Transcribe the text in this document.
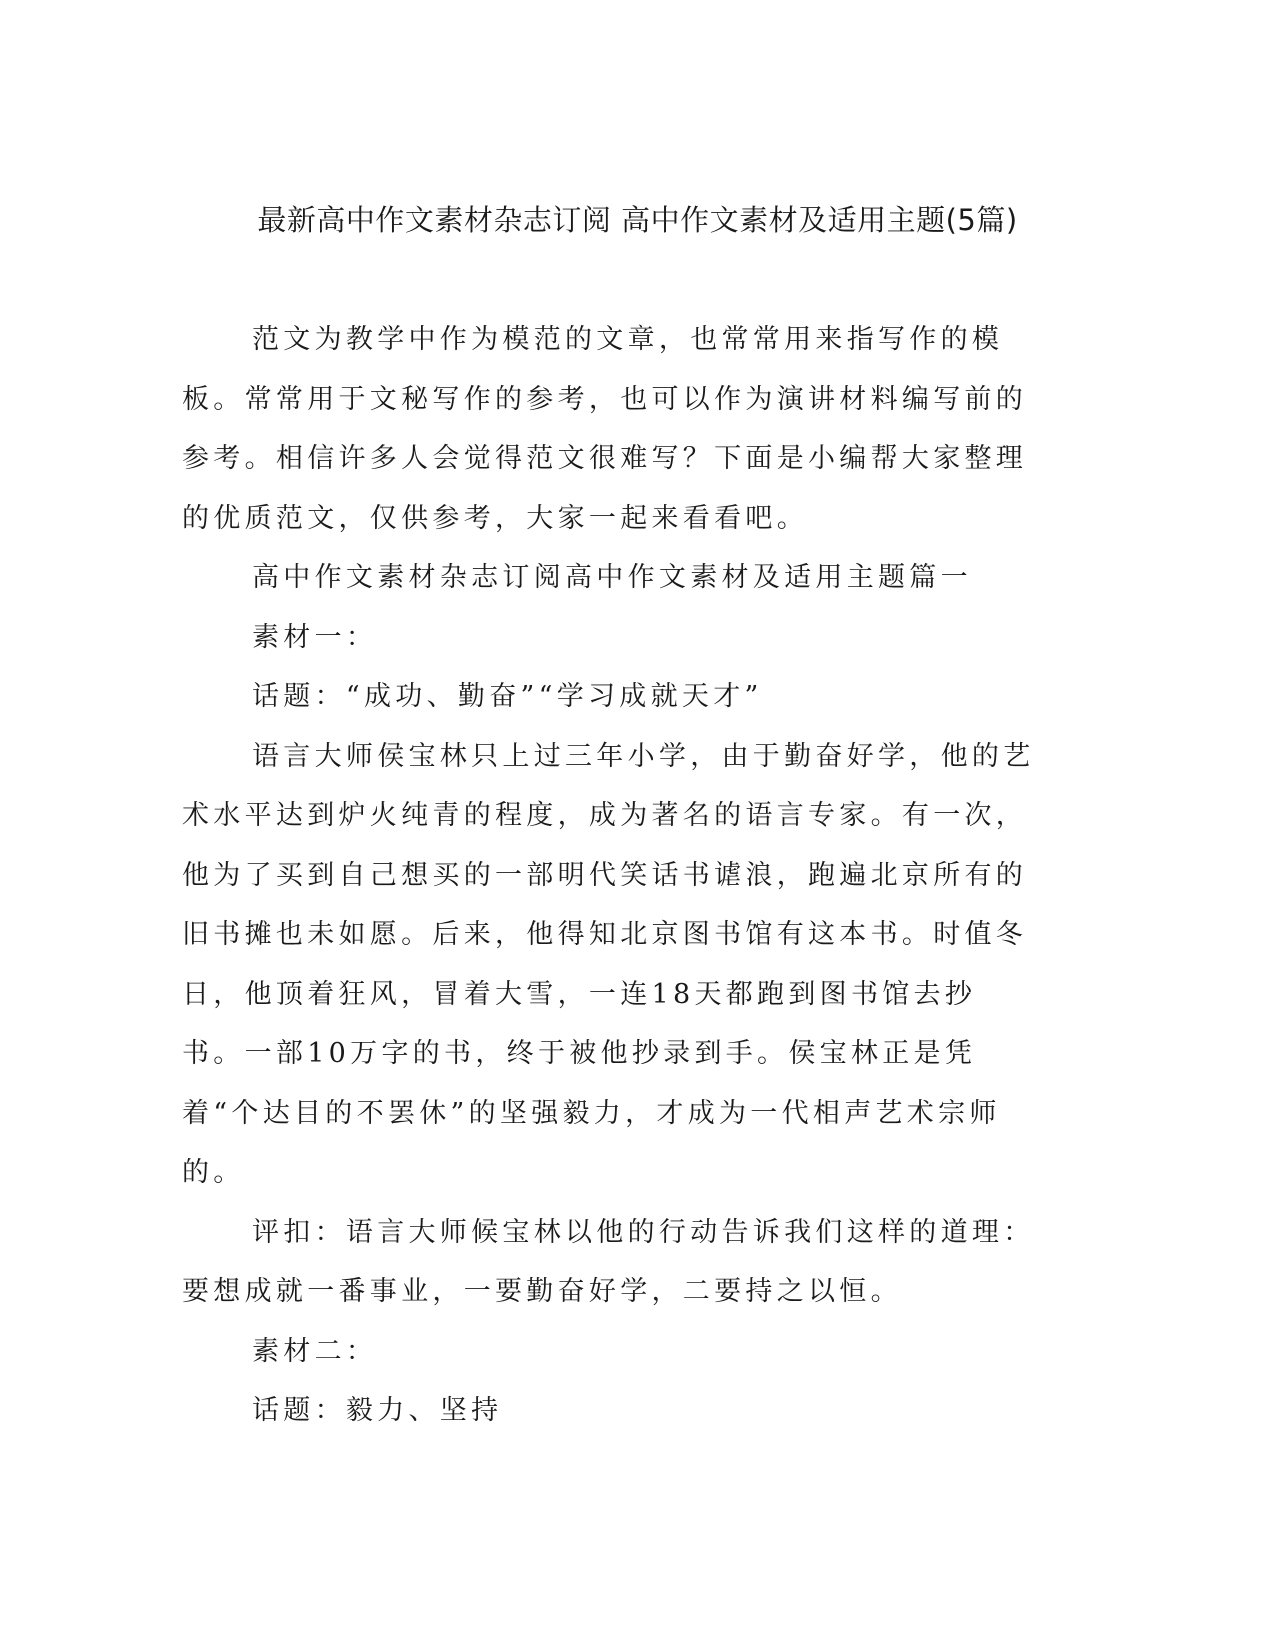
最新高中作文素材杂志订阅 高中作文素材及适用主题(5篇)

范文为教学中作为模范的文章，也常常用来指写作的模板。常常用于文秘写作的参考，也可以作为演讲材料编写前的参考。相信许多人会觉得范文很难写？下面是小编帮大家整理的优质范文，仅供参考，大家一起来看看吧。

高中作文素材杂志订阅高中作文素材及适用主题篇一

素材一：

话题：“成功、勤奋”“学习成就天才”

语言大师侯宝林只上过三年小学，由于勤奋好学，他的艺术水平达到炉火纯青的程度，成为著名的语言专家。有一次，他为了买到自己想买的一部明代笑话书谑浪，跑遍北京所有的旧书摊也未如愿。后来，他得知北京图书馆有这本书。时值冬日，他顶着狂风，冒着大雪，一连18天都跑到图书馆去抄书。一部10万字的书，终于被他抄录到手。侯宝林正是凭着“个达目的不罢休”的坚强毅力，才成为一代相声艺术宗师的。

评扣：语言大师候宝林以他的行动告诉我们这样的道理：要想成就一番事业，一要勤奋好学，二要持之以恒。

素材二：

话题：毅力、坚持
